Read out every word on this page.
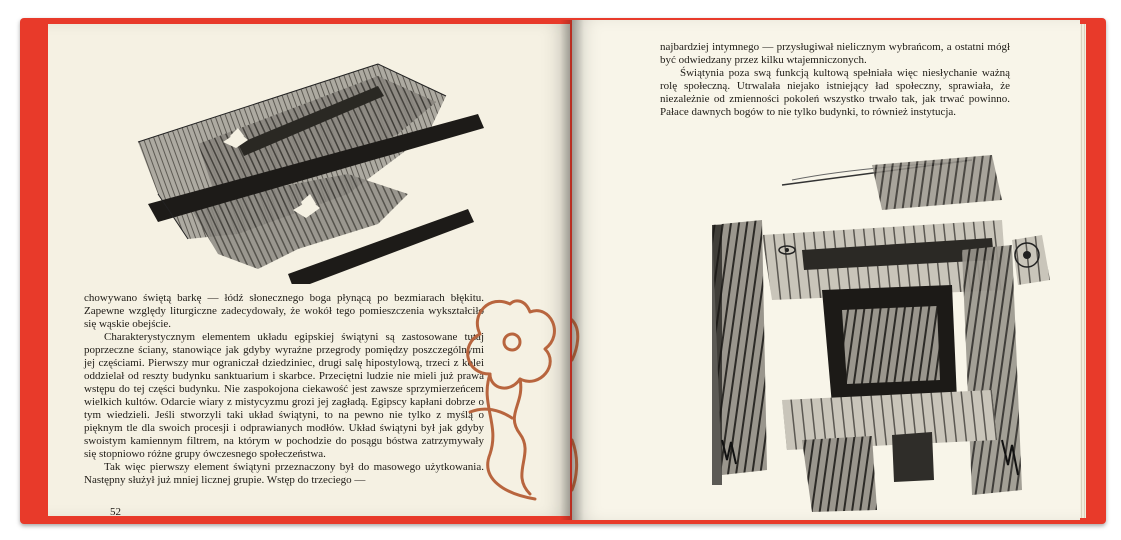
chowywano świętą barkę — łódź słonecznego boga płynącą po bezmiarach błękitu. Zapewne względy liturgiczne zadecydowały, że wokół tego pomieszczenia wykształciło się wąskie obejście.

Charakterystycznym elementem układu egipskiej świątyni są zastosowane tutaj poprzeczne ściany, stanowiące jak gdyby wyraźne przegrody pomiędzy poszczególnymi jej częściami. Pierwszy mur ograniczał dziedziniec, drugi salę hipostylową, trzeci z kolei oddzielał od reszty budynku sanktuarium i skarbce. Przeciętni ludzie nie mieli już prawa wstępu do tej części budynku. Nie zaspokojona ciekawość jest zawsze sprzymierzeńcem wielkich kultów. Odarcie wiary z mistycyzmu grozi jej zagładą. Egipscy kapłani dobrze o tym wiedzieli. Jeśli stworzyli taki układ świątyni, to na pewno nie tylko z myślą o pięknym tle dla swoich procesji i odprawianych modłów. Układ świątyni był jak gdyby swoistym kamiennym filtrem, na którym w pochodzie do posągu bóstwa zatrzymywały się stopniowo różne grupy ówczesnego społeczeństwa.

Tak więc pierwszy element świątyni przeznaczony był do masowego użytkowania. Następny służył już mniej licznej grupie. Wstęp do trzeciego —

52

najbardziej intymnego — przysługiwał nielicznym wybrańcom, a ostatni mógł być odwiedzany przez kilku wtajemniczonych.

Świątynia poza swą funkcją kultową spełniała więc niesłychanie ważną rolę społeczną. Utrwalała niejako istniejący ład społeczny, sprawiała, że niezależnie od zmienności pokoleń wszystko trwało tak, jak trwać powinno. Pałace dawnych bogów to nie tylko budynki, to również instytucja.
